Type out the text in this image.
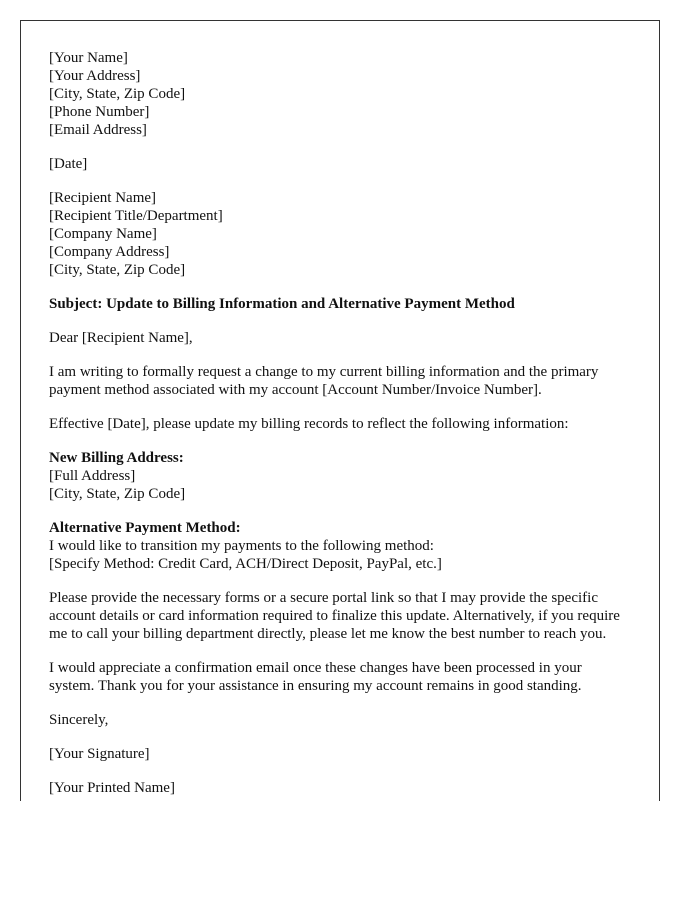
[Your Name]
[Your Address]
[City, State, Zip Code]
[Phone Number]
[Email Address]

[Date]

[Recipient Name]
[Recipient Title/Department]
[Company Name]
[Company Address]
[City, State, Zip Code]

Subject: Update to Billing Information and Alternative Payment Method

Dear [Recipient Name],

I am writing to formally request a change to my current billing information and the primary payment method associated with my account [Account Number/Invoice Number].

Effective [Date], please update my billing records to reflect the following information:

New Billing Address:
[Full Address]
[City, State, Zip Code]

Alternative Payment Method:
I would like to transition my payments to the following method:
[Specify Method: Credit Card, ACH/Direct Deposit, PayPal, etc.]

Please provide the necessary forms or a secure portal link so that I may provide the specific account details or card information required to finalize this update. Alternatively, if you require me to call your billing department directly, please let me know the best number to reach you.

I would appreciate a confirmation email once these changes have been processed in your system. Thank you for your assistance in ensuring my account remains in good standing.

Sincerely,

[Your Signature]

[Your Printed Name]
